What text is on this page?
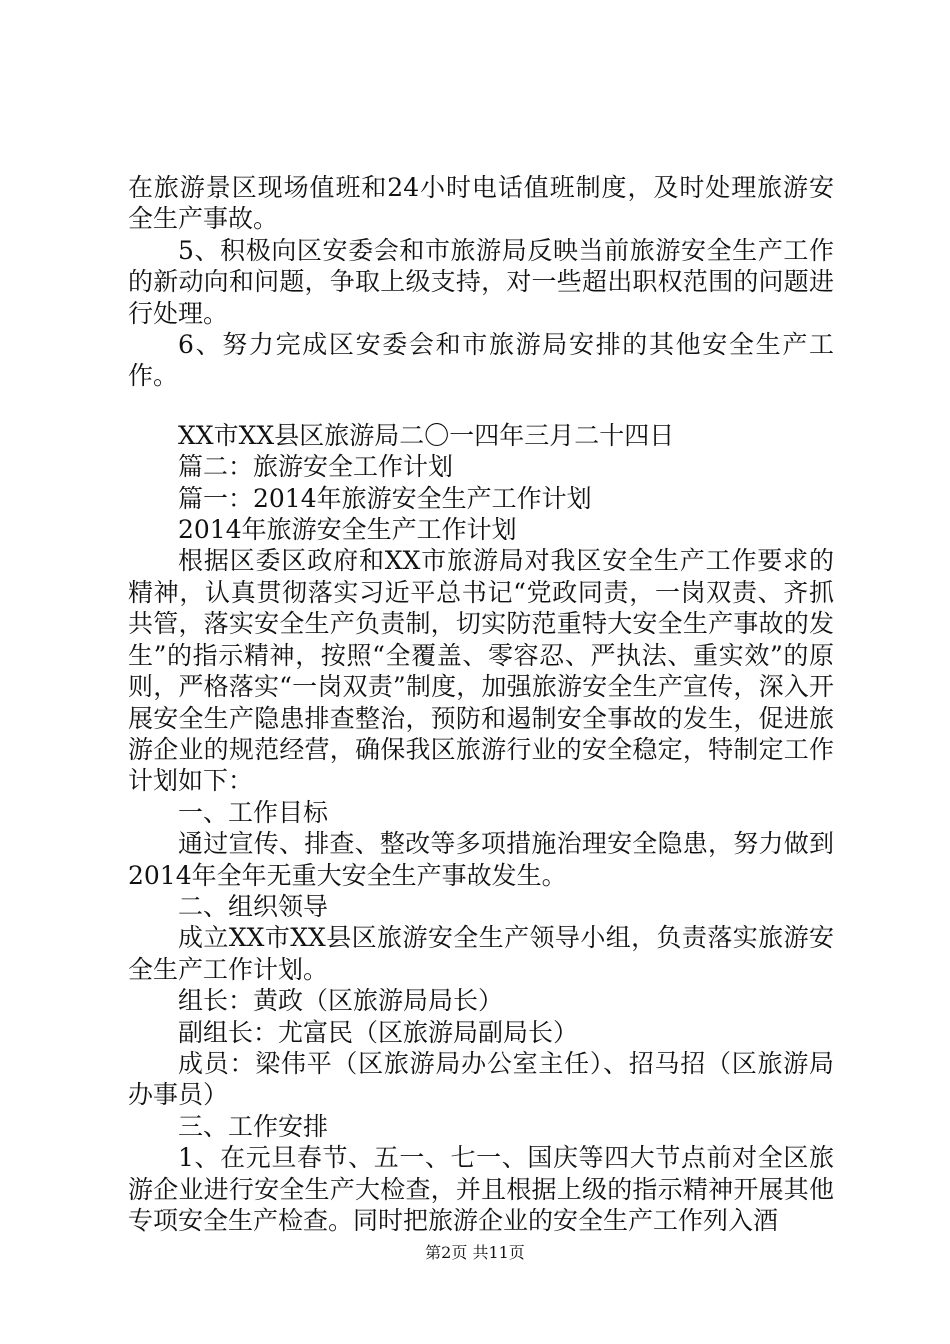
在旅游景区现场值班和24小时电话值班制度，及时处理旅游安全生产事故。

5、积极向区安委会和市旅游局反映当前旅游安全生产工作的新动向和问题，争取上级支持，对一些超出职权范围的问题进行处理。

6、努力完成区安委会和市旅游局安排的其他安全生产工作。

XX市XX县区旅游局二〇一四年三月二十四日

篇二：旅游安全工作计划

篇一：2014年旅游安全生产工作计划

2014年旅游安全生产工作计划

根据区委区政府和XX市旅游局对我区安全生产工作要求的精神，认真贯彻落实习近平总书记“党政同责，一岗双责、齐抓共管，落实安全生产负责制，切实防范重特大安全生产事故的发生”的指示精神，按照“全覆盖、零容忍、严执法、重实效”的原则，严格落实“一岗双责”制度，加强旅游安全生产宣传，深入开展安全生产隐患排查整治，预防和遏制安全事故的发生，促进旅游企业的规范经营，确保我区旅游行业的安全稳定，特制定工作计划如下：

一、工作目标

通过宣传、排查、整改等多项措施治理安全隐患，努力做到2014年全年无重大安全生产事故发生。

二、组织领导

成立XX市XX县区旅游安全生产领导小组，负责落实旅游安全生产工作计划。

组长：黄政（区旅游局局长）

副组长：尤富民（区旅游局副局长）

成员：梁伟平（区旅游局办公室主任）、招马招（区旅游局办事员）

三、工作安排

1、在元旦春节、五一、七一、国庆等四大节点前对全区旅游企业进行安全生产大检查，并且根据上级的指示精神开展其他专项安全生产检查。同时把旅游企业的安全生产工作列入酒

第2页 共11页
